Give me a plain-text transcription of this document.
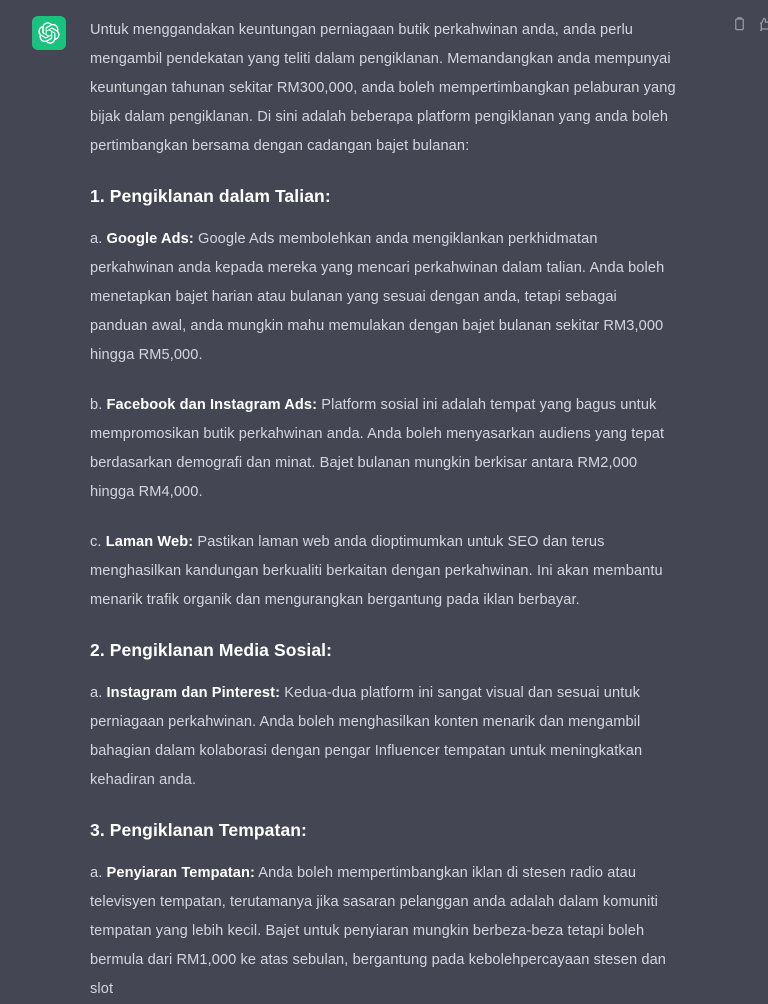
Untuk menggandakan keuntungan perniagaan butik perkahwinan anda, anda perlu mengambil pendekatan yang teliti dalam pengiklanan. Memandangkan anda mempunyai keuntungan tahunan sekitar RM300,000, anda boleh mempertimbangkan pelaburan yang bijak dalam pengiklanan. Di sini adalah beberapa platform pengiklanan yang anda boleh pertimbangkan bersama dengan cadangan bajet bulanan:

1. Pengiklanan dalam Talian:

a. Google Ads: Google Ads membolehkan anda mengiklankan perkhidmatan perkahwinan anda kepada mereka yang mencari perkahwinan dalam talian. Anda boleh menetapkan bajet harian atau bulanan yang sesuai dengan anda, tetapi sebagai panduan awal, anda mungkin mahu memulakan dengan bajet bulanan sekitar RM3,000 hingga RM5,000.

b. Facebook dan Instagram Ads: Platform sosial ini adalah tempat yang bagus untuk mempromosikan butik perkahwinan anda. Anda boleh menyasarkan audiens yang tepat berdasarkan demografi dan minat. Bajet bulanan mungkin berkisar antara RM2,000 hingga RM4,000.

c. Laman Web: Pastikan laman web anda dioptimumkan untuk SEO dan terus menghasilkan kandungan berkualiti berkaitan dengan perkahwinan. Ini akan membantu menarik trafik organik dan mengurangkan bergantung pada iklan berbayar.

2. Pengiklanan Media Sosial:

a. Instagram dan Pinterest: Kedua-dua platform ini sangat visual dan sesuai untuk perniagaan perkahwinan. Anda boleh menghasilkan konten menarik dan mengambil bahagian dalam kolaborasi dengan pengar Influencer tempatan untuk meningkatkan kehadiran anda.

3. Pengiklanan Tempatan:

a. Penyiaran Tempatan: Anda boleh mempertimbangkan iklan di stesen radio atau televisyen tempatan, terutamanya jika sasaran pelanggan anda adalah dalam komuniti tempatan yang lebih kecil. Bajet untuk penyiaran mungkin berbeza-beza tetapi boleh bermula dari RM1,000 ke atas sebulan, bergantung pada kebolehpercayaan stesen dan slot
